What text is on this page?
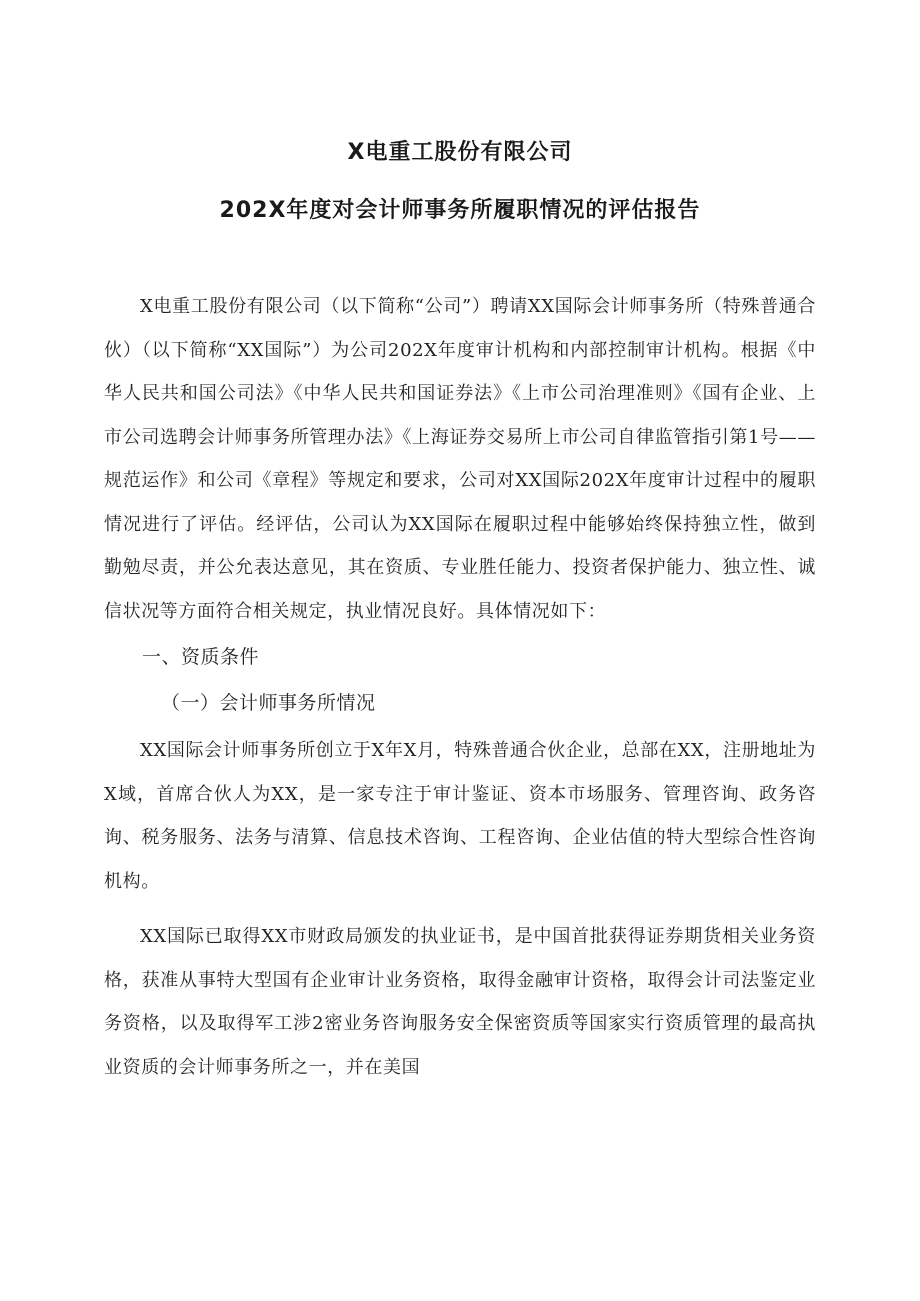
X电重工股份有限公司

202X年度对会计师事务所履职情况的评估报告

X电重工股份有限公司（以下简称“公司”）聘请XX国际会计师事务所（特殊普通合伙）（以下简称“XX国际”）为公司202X年度审计机构和内部控制审计机构。根据《中华人民共和国公司法》《中华人民共和国证券法》《上市公司治理准则》《国有企业、上市公司选聘会计师事务所管理办法》《上海证券交易所上市公司自律监管指引第1号——规范运作》和公司《章程》等规定和要求，公司对XX国际202X年度审计过程中的履职情况进行了评估。经评估，公司认为XX国际在履职过程中能够始终保持独立性，做到勤勉尽责，并公允表达意见，其在资质、专业胜任能力、投资者保护能力、独立性、诚信状况等方面符合相关规定，执业情况良好。具体情况如下：

一、资质条件

（一）会计师事务所情况

XX国际会计师事务所创立于X年X月，特殊普通合伙企业，总部在XX，注册地址为X域，首席合伙人为XX，是一家专注于审计鉴证、资本市场服务、管理咨询、政务咨询、税务服务、法务与清算、信息技术咨询、工程咨询、企业估值的特大型综合性咨询机构。

XX国际已取得XX市财政局颁发的执业证书，是中国首批获得证券期货相关业务资格，获准从事特大型国有企业审计业务资格，取得金融审计资格，取得会计司法鉴定业务资格，以及取得军工涉2密业务咨询服务安全保密资质等国家实行资质管理的最高执业资质的会计师事务所之一，并在美国
